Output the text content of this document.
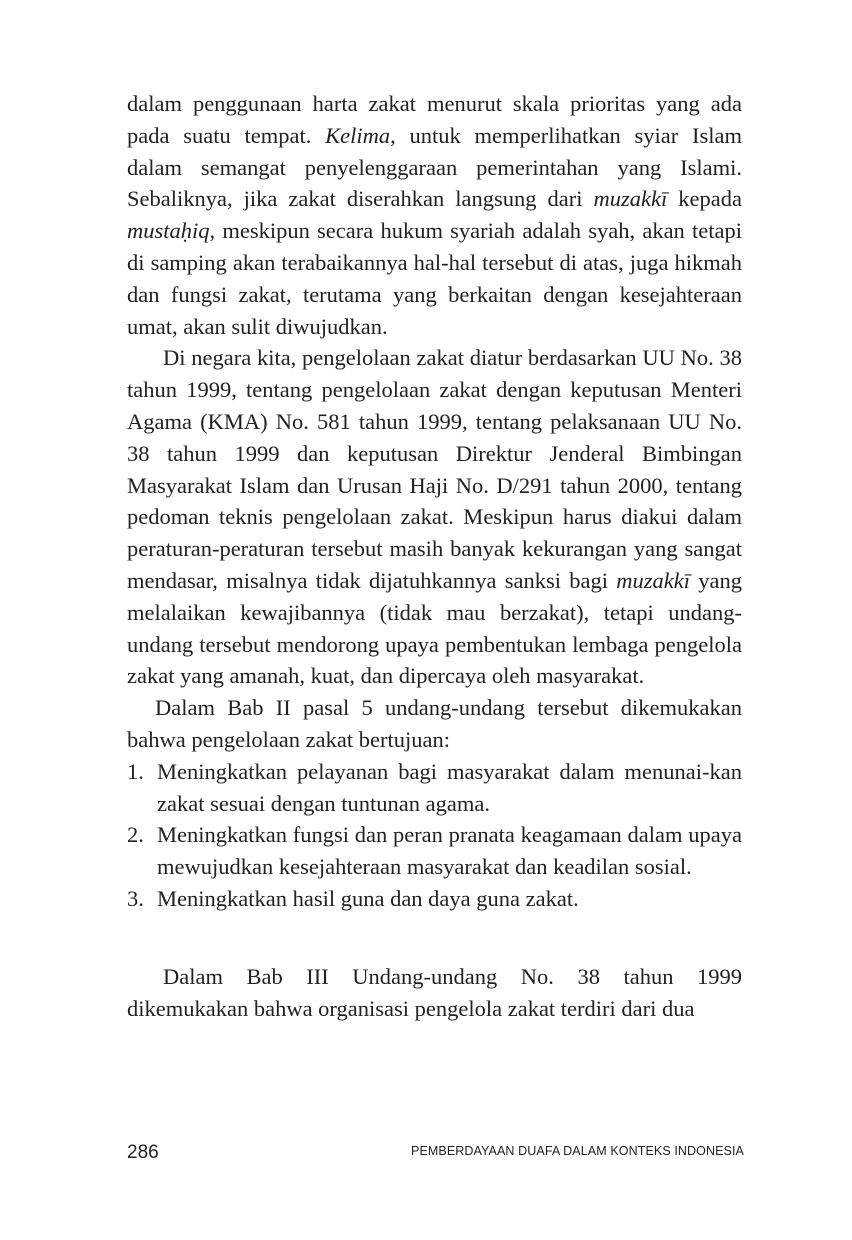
dalam penggunaan harta zakat menurut skala prioritas yang ada pada suatu tempat. Kelima, untuk memperlihatkan syiar Islam dalam semangat penyelenggaraan pemerintahan yang Islami. Sebaliknya, jika zakat diserahkan langsung dari muzakkī kepada mustaḥiq, meskipun secara hukum syariah adalah syah, akan tetapi di samping akan terabaikannya hal-hal tersebut di atas, juga hikmah dan fungsi zakat, terutama yang berkaitan dengan kesejahteraan umat, akan sulit diwujudkan.

Di negara kita, pengelolaan zakat diatur berdasarkan UU No. 38 tahun 1999, tentang pengelolaan zakat dengan keputusan Menteri Agama (KMA) No. 581 tahun 1999, tentang pelaksanaan UU No. 38 tahun 1999 dan keputusan Direktur Jenderal Bimbingan Masyarakat Islam dan Urusan Haji No. D/291 tahun 2000, tentang pedoman teknis pengelolaan zakat. Meskipun harus diakui dalam peraturan-peraturan tersebut masih banyak kekurangan yang sangat mendasar, misalnya tidak dijatuhkannya sanksi bagi muzakkī yang melalaikan kewajibannya (tidak mau berzakat), tetapi undang-undang tersebut mendorong upaya pembentukan lembaga pengelola zakat yang amanah, kuat, dan dipercaya oleh masyarakat.

Dalam Bab II pasal 5 undang-undang tersebut dikemukakan bahwa pengelolaan zakat bertujuan:

1. Meningkatkan pelayanan bagi masyarakat dalam menunai-kan zakat sesuai dengan tuntunan agama.
2. Meningkatkan fungsi dan peran pranata keagamaan dalam upaya mewujudkan kesejahteraan masyarakat dan keadilan sosial.
3. Meningkatkan hasil guna dan daya guna zakat.

Dalam Bab III Undang-undang No. 38 tahun 1999 dikemukakan bahwa organisasi pengelola zakat terdiri dari dua

286	PEMBERDAYAAN DUAFA DALAM KONTEKS INDONESIA
